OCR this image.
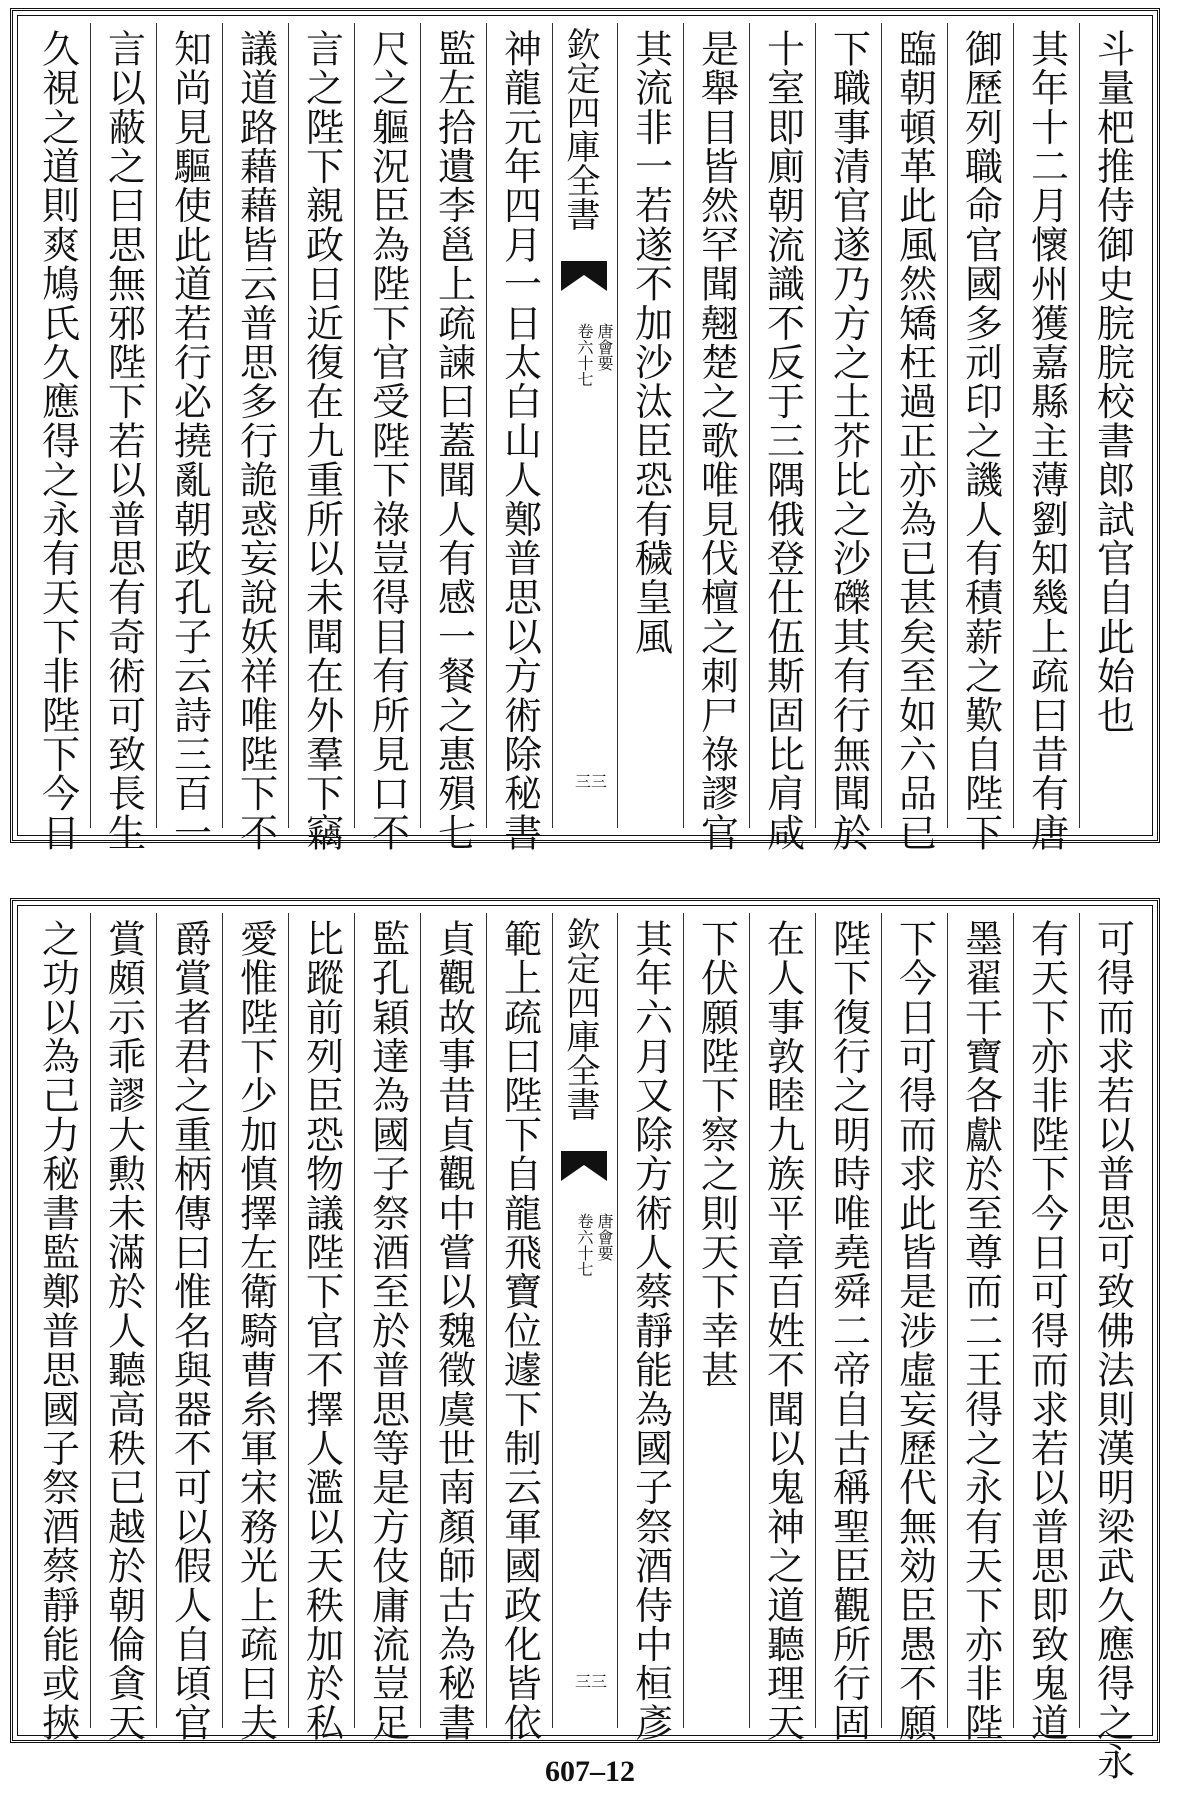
斗量杷推侍御史脘脘校書郎試官自此始也
其年十二月懷州獲嘉縣主薄劉知幾上疏曰昔有唐
御歷列職命官國多刓印之譏人有積薪之歎自陛下
臨朝頓革此風然矯枉過正亦為已甚矣至如六品已
下職事清官遂乃方之土芥比之沙礫其有行無聞於
十室即廁朝流識不反于三隅俄登仕伍斯固比肩咸
是舉目皆然罕聞翹楚之歌唯見伐檀之刺尸祿謬官
其流非一若遂不加沙汰臣恐有穢皇風
欽定四庫全書
唐會要
卷六十七
三三
神龍元年四月一日太白山人鄭普思以方術除秘書
監左拾遺李邕上疏諫曰蓋聞人有感一餐之惠殞七
尺之軀況臣為陛下官受陛下祿豈得目有所見口不
言之陛下親政日近復在九重所以未聞在外羣下竊
議道路藉藉皆云普思多行詭惑妄說妖祥唯陛下不
知尚見驅使此道若行必撓亂朝政孔子云詩三百一
言以蔽之曰思無邪陛下若以普思有奇術可致長生
久視之道則爽鳩氏久應得之永有天下非陛下今日
可得而求若以普思可致佛法則漢明梁武久應得之永
有天下亦非陛下今日可得而求若以普思即致鬼道
墨翟干寶各獻於至尊而二王得之永有天下亦非陛
下今日可得而求此皆是涉虛妄歷代無効臣愚不願
陛下復行之明時唯堯舜二帝自古稱聖臣觀所行固
在人事敦睦九族平章百姓不聞以鬼神之道聽理天
下伏願陛下察之則天下幸甚
其年六月又除方術人蔡靜能為國子祭酒侍中桓彥
欽定四庫全書
唐會要
卷六十七
三三
範上疏曰陛下自龍飛寶位遽下制云軍國政化皆依
貞觀故事昔貞觀中嘗以魏徵虞世南顏師古為秘書
監孔穎達為國子祭酒至於普思等是方伎庸流豈足
比蹤前列臣恐物議陛下官不擇人濫以天秩加於私
愛惟陛下少加慎擇左衛騎曹糸軍宋務光上疏曰夫
爵賞者君之重柄傳曰惟名與器不可以假人自頃官
賞頗示乖謬大勲未滿於人聽高秩已越於朝倫貪天
之功以為己力秘書監鄭普思國子祭酒蔡靜能或挾
607–12
